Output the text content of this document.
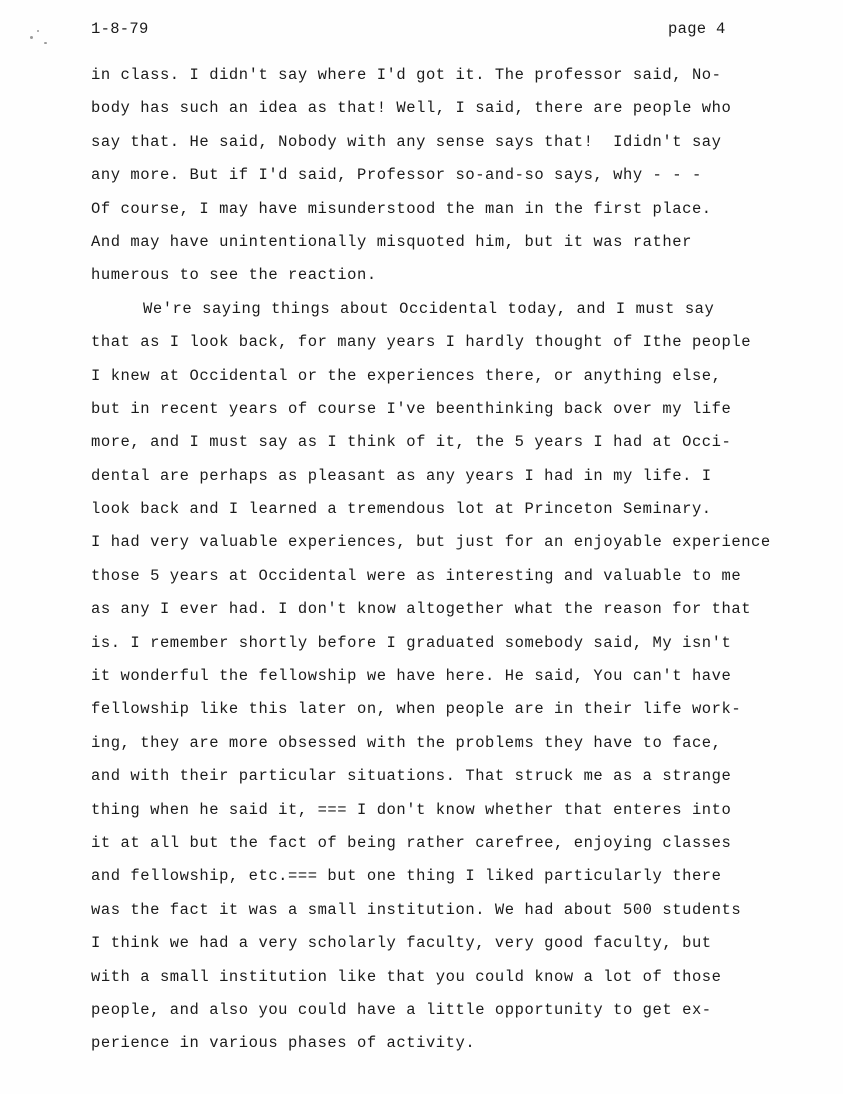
1-8-79	page 4
in class. I didn't say where I'd got it. The professor said, No-
body has such an idea as that! Well, I said, there are people who
say that. He said, Nobody with any sense says that!  Ididn't say
any more. But if I'd said, Professor so-and-so says, why - - -
Of course, I may have misunderstood the man in the first place.
And may have unintentionally misquoted him, but it was rather
humerous to see the reaction.
We're saying things about Occidental today, and I must say
that as I look back, for many years I hardly thought of Ithe people
I knew at Occidental or the experiences there, or anything else,
but in recent years of course I've beenthinking back over my life
more, and I must say as I think of it, the 5 years I had at Occi-
dental are perhaps as pleasant as any years I had in my life. I
look back and I learned a tremendous lot at Princeton Seminary.
I had very valuable experiences, but just for an enjoyable experience
those 5 years at Occidental were as interesting and valuable to me
as any I ever had. I don't know altogether what the reason for that
is. I remember shortly before I graduated somebody said, My isn't
it wonderful the fellowship we have here. He said, You can't have
fellowship like this later on, when people are in their life work-
ing, they are more obsessed with the problems they have to face,
and with their particular situations. That struck me as a strange
thing when he said it, === I don't know whether that enteres into
it at all but the fact of being rather carefree, enjoying classes
and fellowship, etc.=== but one thing I liked particularly there
was the fact it was a small institution. We had about 500 students
I think we had a very scholarly faculty, very good faculty, but
with a small institution like that you could know a lot of those
people, and also you could have a little opportunity to get ex-
perience in various phases of activity.
